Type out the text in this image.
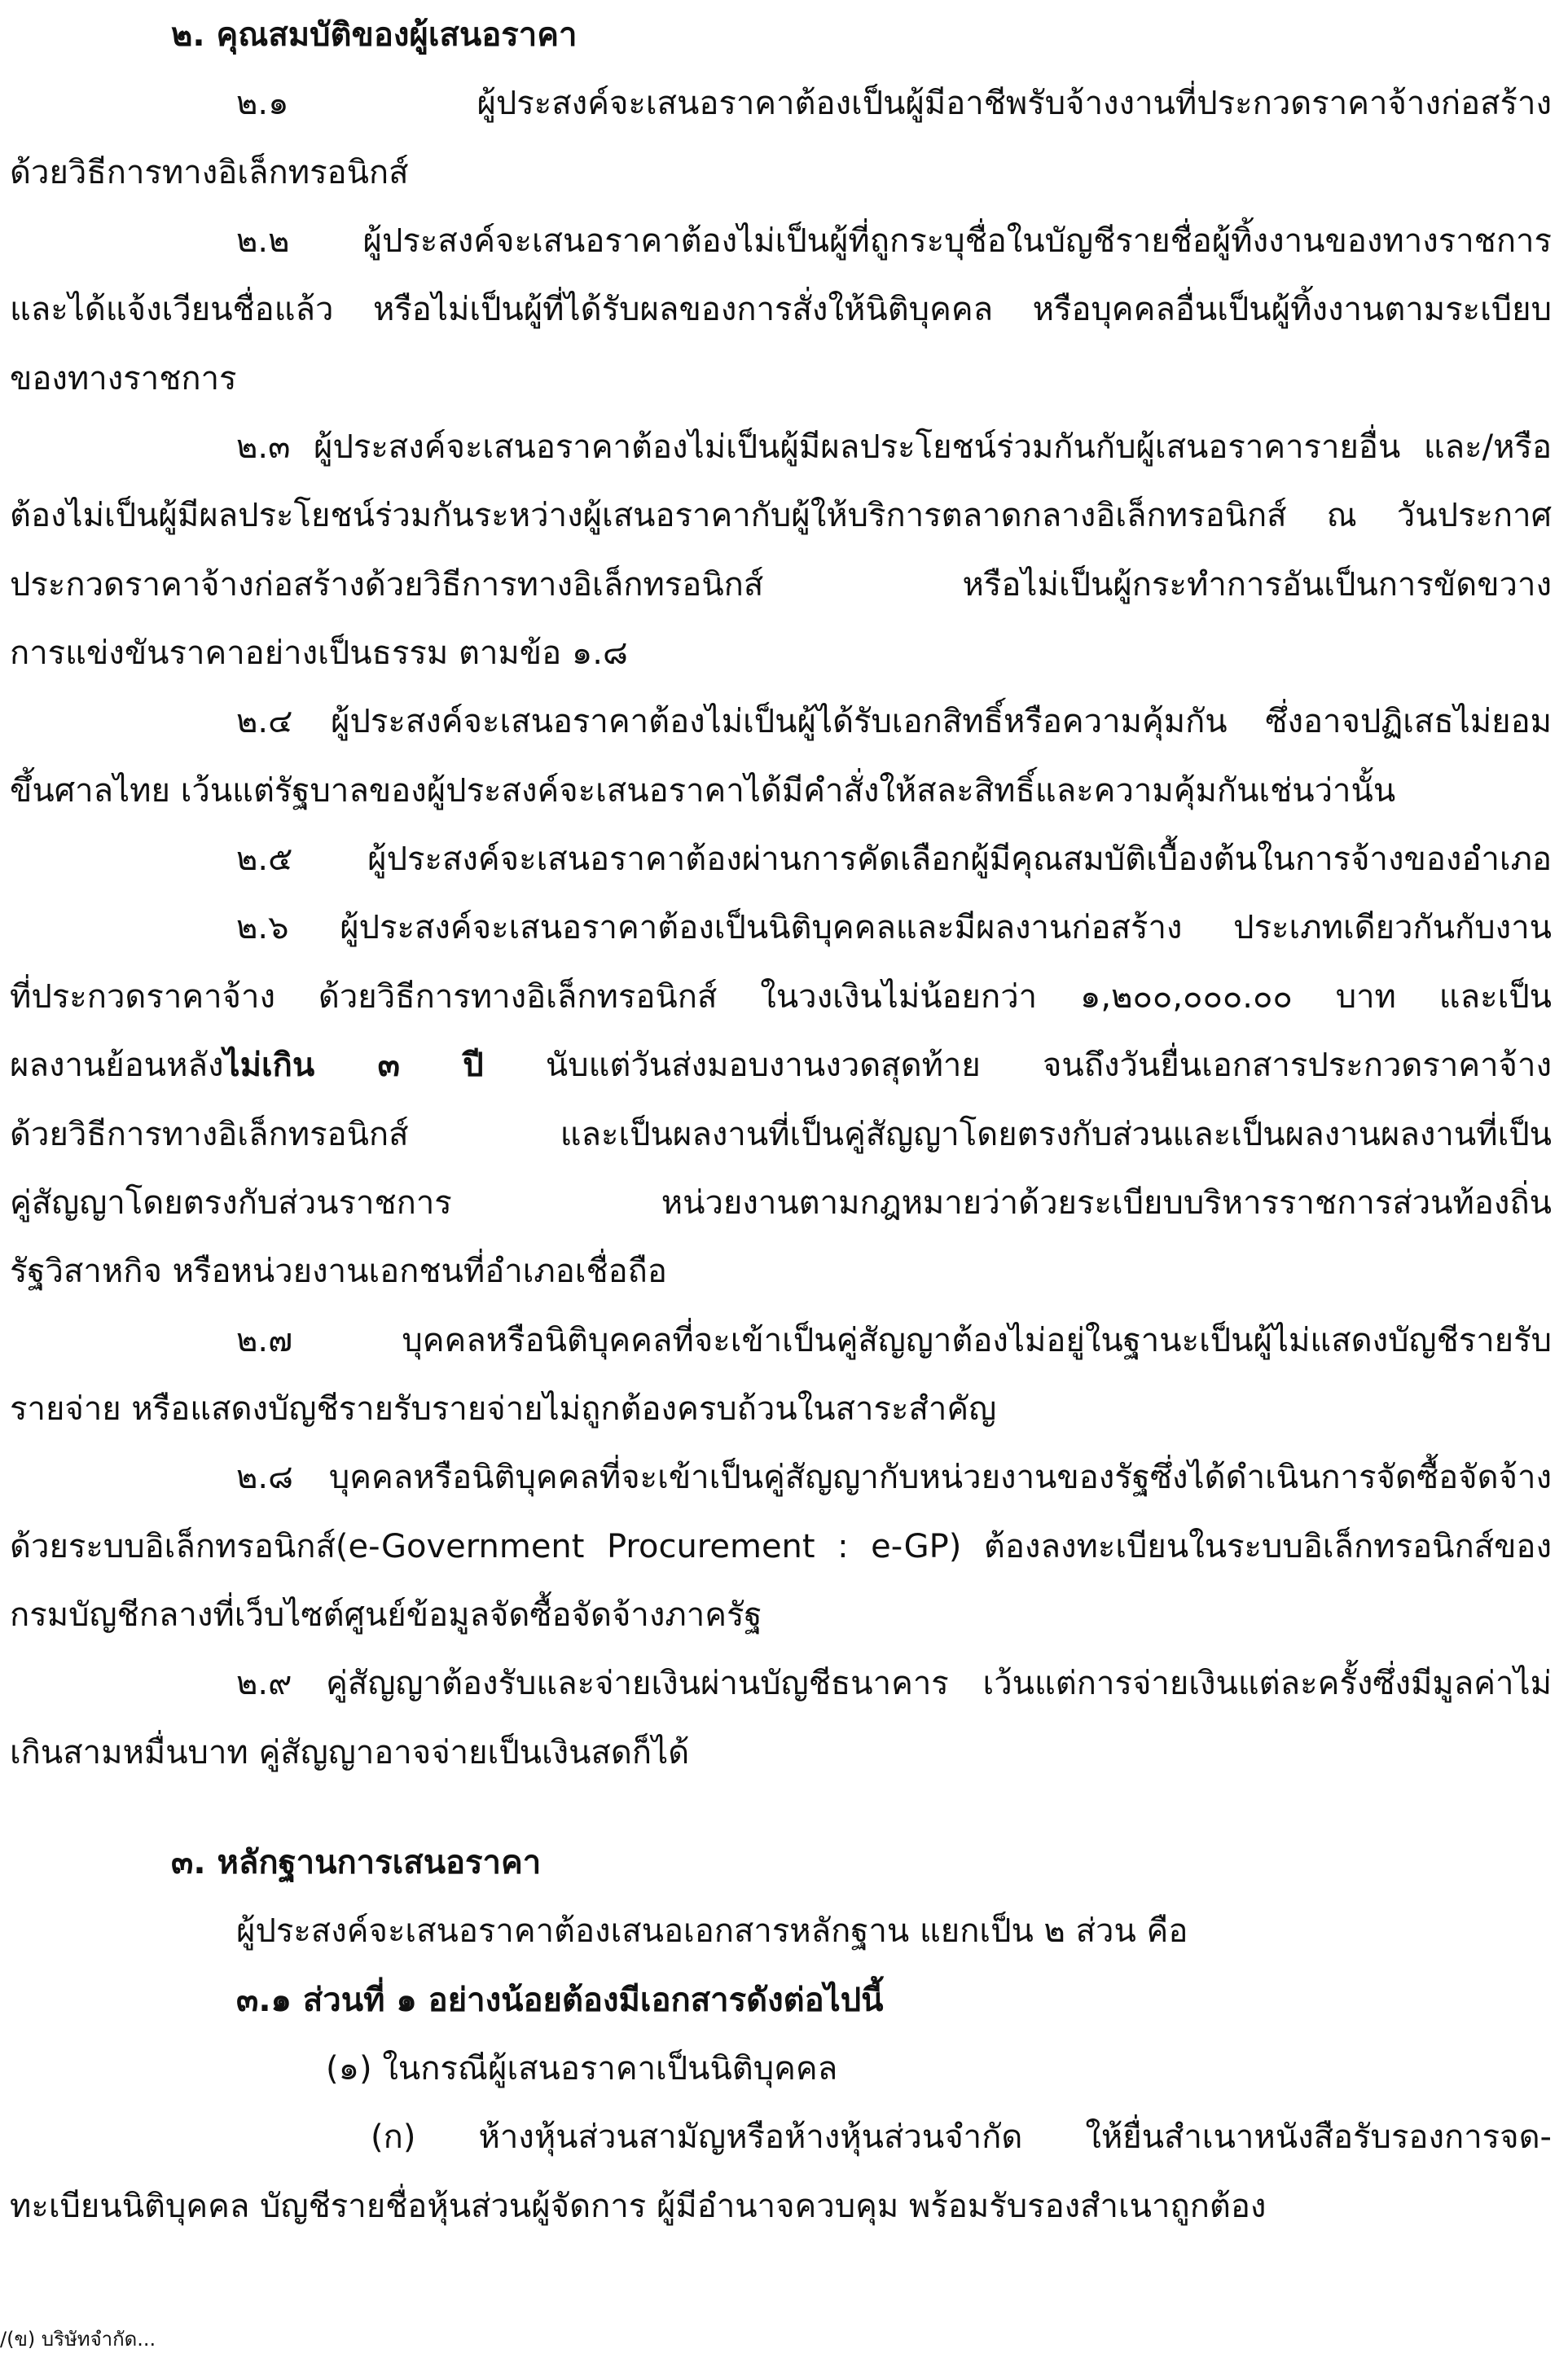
๒. คุณสมบัติของผู้เสนอราคา
๒.๑ ผู้ประสงค์จะเสนอราคาต้องเป็นผู้มีอาชีพรับจ้างงานที่ประกวดราคาจ้างก่อสร้าง
ด้วยวิธีการทางอิเล็กทรอนิกส์
๒.๒ ผู้ประสงค์จะเสนอราคาต้องไม่เป็นผู้ที่ถูกระบุชื่อในบัญชีรายชื่อผู้ทิ้งงานของทางราชการ
และได้แจ้งเวียนชื่อแล้ว หรือไม่เป็นผู้ที่ได้รับผลของการสั่งให้นิติบุคคล หรือบุคคลอื่นเป็นผู้ทิ้งงานตามระเบียบ
ของทางราชการ
๒.๓ ผู้ประสงค์จะเสนอราคาต้องไม่เป็นผู้มีผลประโยชน์ร่วมกันกับผู้เสนอราคารายอื่น และ/หรือ
ต้องไม่เป็นผู้มีผลประโยชน์ร่วมกันระหว่างผู้เสนอราคากับผู้ให้บริการตลาดกลางอิเล็กทรอนิกส์ ณ วันประกาศ
ประกวดราคาจ้างก่อสร้างด้วยวิธีการทางอิเล็กทรอนิกส์ หรือไม่เป็นผู้กระทำการอันเป็นการขัดขวาง
การแข่งขันราคาอย่างเป็นธรรม ตามข้อ ๑.๘
๒.๔ ผู้ประสงค์จะเสนอราคาต้องไม่เป็นผู้ได้รับเอกสิทธิ์หรือความคุ้มกัน ซึ่งอาจปฏิเสธไม่ยอม
ขึ้นศาลไทย เว้นแต่รัฐบาลของผู้ประสงค์จะเสนอราคาได้มีคำสั่งให้สละสิทธิ์และความคุ้มกันเช่นว่านั้น
๒.๕ ผู้ประสงค์จะเสนอราคาต้องผ่านการคัดเลือกผู้มีคุณสมบัติเบื้องต้นในการจ้างของอำเภอ
๒.๖ ผู้ประสงค์จะเสนอราคาต้องเป็นนิติบุคคลและมีผลงานก่อสร้าง ประเภทเดียวกันกับงาน
ที่ประกวดราคาจ้าง ด้วยวิธีการทางอิเล็กทรอนิกส์ ในวงเงินไม่น้อยกว่า ๑,๒๐๐,๐๐๐.๐๐ บาท และเป็น
ผลงานย้อนหลังไม่เกิน ๓ ปี นับแต่วันส่งมอบงานงวดสุดท้าย จนถึงวันยื่นเอกสารประกวดราคาจ้าง
ด้วยวิธีการทางอิเล็กทรอนิกส์ และเป็นผลงานที่เป็นคู่สัญญาโดยตรงกับส่วนและเป็นผลงานผลงานที่เป็น
คู่สัญญาโดยตรงกับส่วนราชการ หน่วยงานตามกฎหมายว่าด้วยระเบียบบริหารราชการส่วนท้องถิ่น
รัฐวิสาหกิจ หรือหน่วยงานเอกชนที่อำเภอเชื่อถือ
๒.๗ บุคคลหรือนิติบุคคลที่จะเข้าเป็นคู่สัญญาต้องไม่อยู่ในฐานะเป็นผู้ไม่แสดงบัญชีรายรับ
รายจ่าย หรือแสดงบัญชีรายรับรายจ่ายไม่ถูกต้องครบถ้วนในสาระสำคัญ
๒.๘ บุคคลหรือนิติบุคคลที่จะเข้าเป็นคู่สัญญากับหน่วยงานของรัฐซึ่งได้ดำเนินการจัดซื้อจัดจ้าง
ด้วยระบบอิเล็กทรอนิกส์(e-Government Procurement : e-GP) ต้องลงทะเบียนในระบบอิเล็กทรอนิกส์ของ
กรมบัญชีกลางที่เว็บไซต์ศูนย์ข้อมูลจัดซื้อจัดจ้างภาครัฐ
๒.๙ คู่สัญญาต้องรับและจ่ายเงินผ่านบัญชีธนาคาร เว้นแต่การจ่ายเงินแต่ละครั้งซึ่งมีมูลค่าไม่
เกินสามหมื่นบาท คู่สัญญาอาจจ่ายเป็นเงินสดก็ได้
๓. หลักฐานการเสนอราคา
ผู้ประสงค์จะเสนอราคาต้องเสนอเอกสารหลักฐาน แยกเป็น ๒ ส่วน คือ
๓.๑ ส่วนที่ ๑ อย่างน้อยต้องมีเอกสารดังต่อไปนี้
(๑) ในกรณีผู้เสนอราคาเป็นนิติบุคคล
(ก) ห้างหุ้นส่วนสามัญหรือห้างหุ้นส่วนจำกัด ให้ยื่นสำเนาหนังสือรับรองการจด-
ทะเบียนนิติบุคคล บัญชีรายชื่อหุ้นส่วนผู้จัดการ ผู้มีอำนาจควบคุม พร้อมรับรองสำเนาถูกต้อง
/(ข) บริษัทจำกัด...
